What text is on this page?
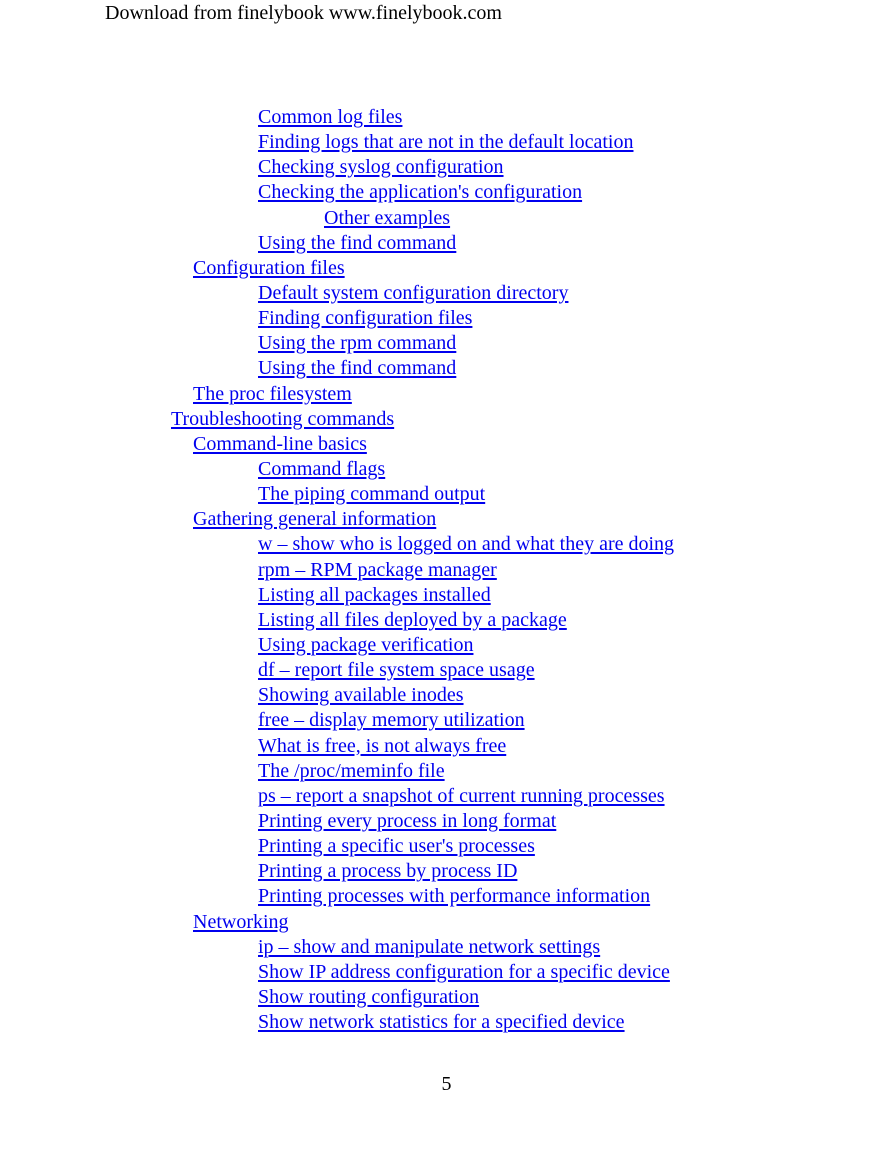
Download from finelybook www.finelybook.com
Common log files
Finding logs that are not in the default location
Checking syslog configuration
Checking the application's configuration
Other examples
Using the find command
Configuration files
Default system configuration directory
Finding configuration files
Using the rpm command
Using the find command
The proc filesystem
Troubleshooting commands
Command-line basics
Command flags
The piping command output
Gathering general information
w – show who is logged on and what they are doing
rpm – RPM package manager
Listing all packages installed
Listing all files deployed by a package
Using package verification
df – report file system space usage
Showing available inodes
free – display memory utilization
What is free, is not always free
The /proc/meminfo file
ps – report a snapshot of current running processes
Printing every process in long format
Printing a specific user's processes
Printing a process by process ID
Printing processes with performance information
Networking
ip – show and manipulate network settings
Show IP address configuration for a specific device
Show routing configuration
Show network statistics for a specified device
5
